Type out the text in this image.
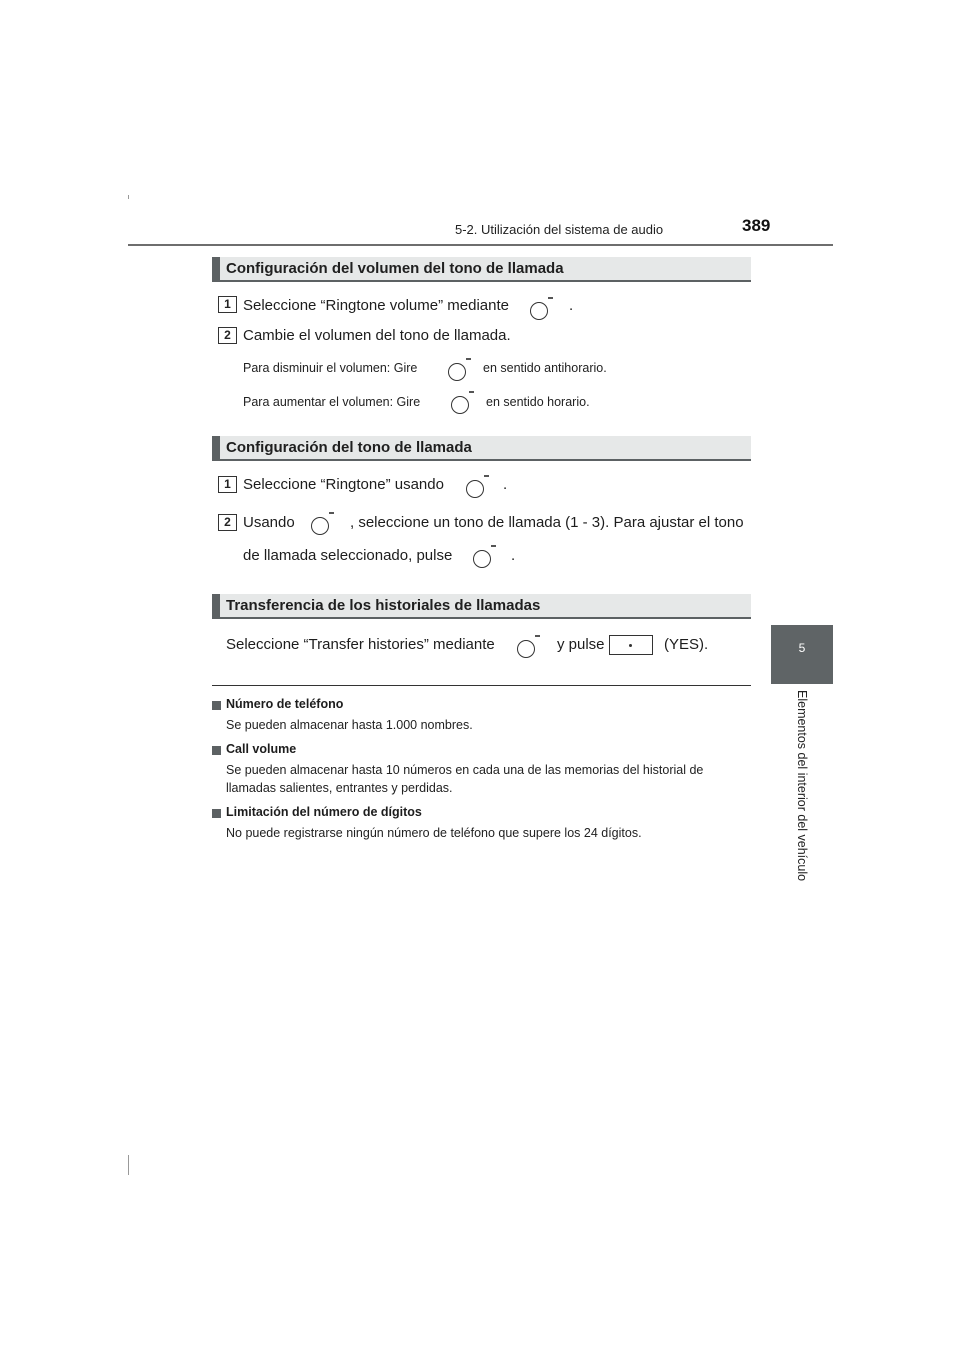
5-2. Utilización del sistema de audio	389
5
Elementos del interior del vehículo
Configuración del volumen del tono de llamada
1 Seleccione “Ringtone volume” mediante	.
2 Cambie el volumen del tono de llamada.
Para disminuir el volumen: Gire	en sentido antihorario.
Para aumentar el volumen: Gire	en sentido horario.
Configuración del tono de llamada
1 Seleccione “Ringtone” usando	.
2 Usando	, seleccione un tono de llamada (1 - 3). Para ajustar el tono
de llamada seleccionado, pulse	.
Transferencia de los historiales de llamadas
Seleccione “Transfer histories” mediante	y pulse	(YES).
Número de teléfono
Se pueden almacenar hasta 1.000 nombres.
Call volume
Se pueden almacenar hasta 10 números en cada una de las memorias del historial de
llamadas salientes, entrantes y perdidas.
Limitación del número de dígitos
No puede registrarse ningún número de teléfono que supere los 24 dígitos.
